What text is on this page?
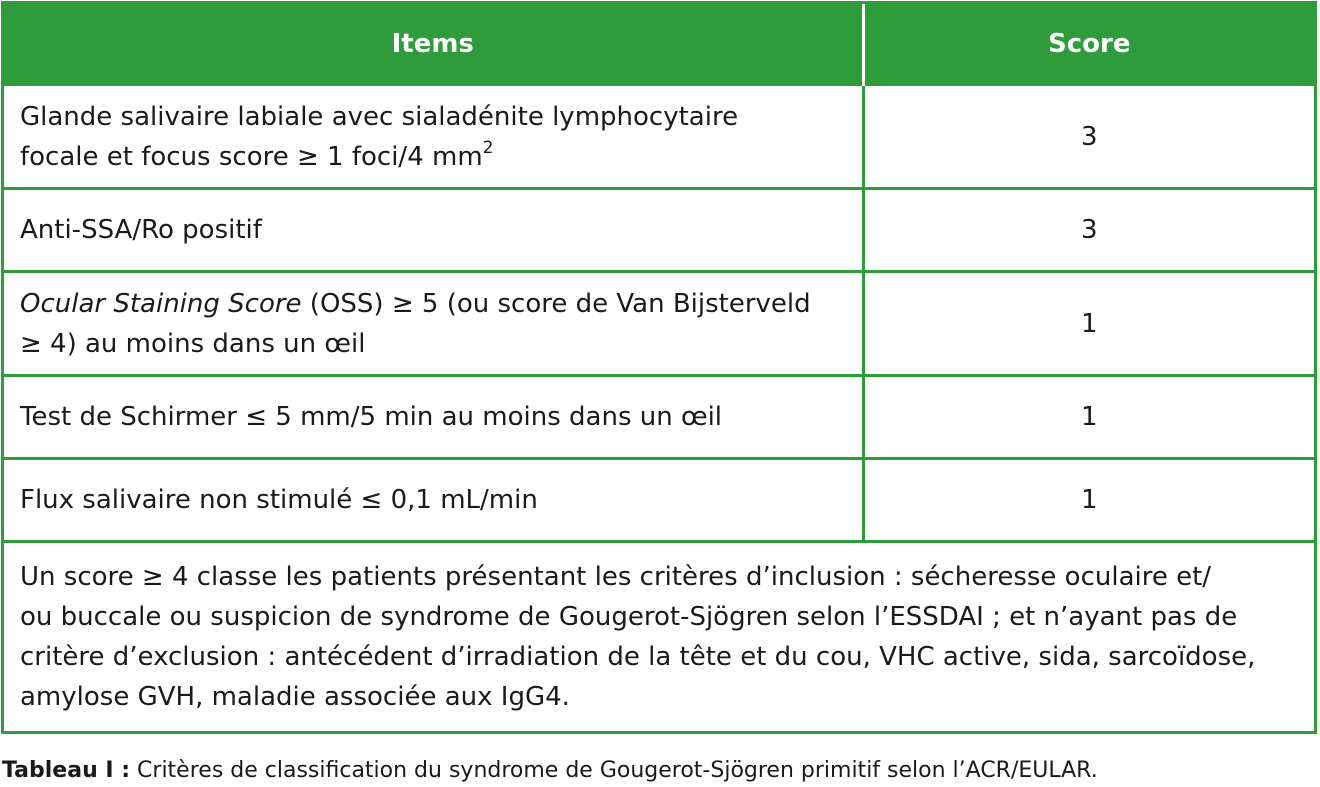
Items	Score
Glande salivaire labiale avec sialadénite lymphocytaire
focale et focus score ≥ 1 foci/4 $mm^2$	3
Anti-SSA/Ro positif	3
Ocular Staining Score (OSS) ≥ 5 (ou score de Van Bijsterveld
≥ 4) au moins dans un œil	1
Test de Schirmer ≤ 5 mm/5 min au moins dans un œil	1
Flux salivaire non stimulé ≤ 0,1 mL/min	1
Un score ≥ 4 classe les patients présentant les critères d’inclusion : sécheresse oculaire et/
ou buccale ou suspicion de syndrome de Gougerot-Sjögren selon l’ESSDAI ; et n’ayant pas de
critère d’exclusion : antécédent d’irradiation de la tête et du cou, VHC active, sida, sarcoïdose,
amylose GVH, maladie associée aux IgG4.	
Tableau I : Critères de classification du syndrome de Gougerot-Sjögren primitif selon l’ACR/EULAR.
